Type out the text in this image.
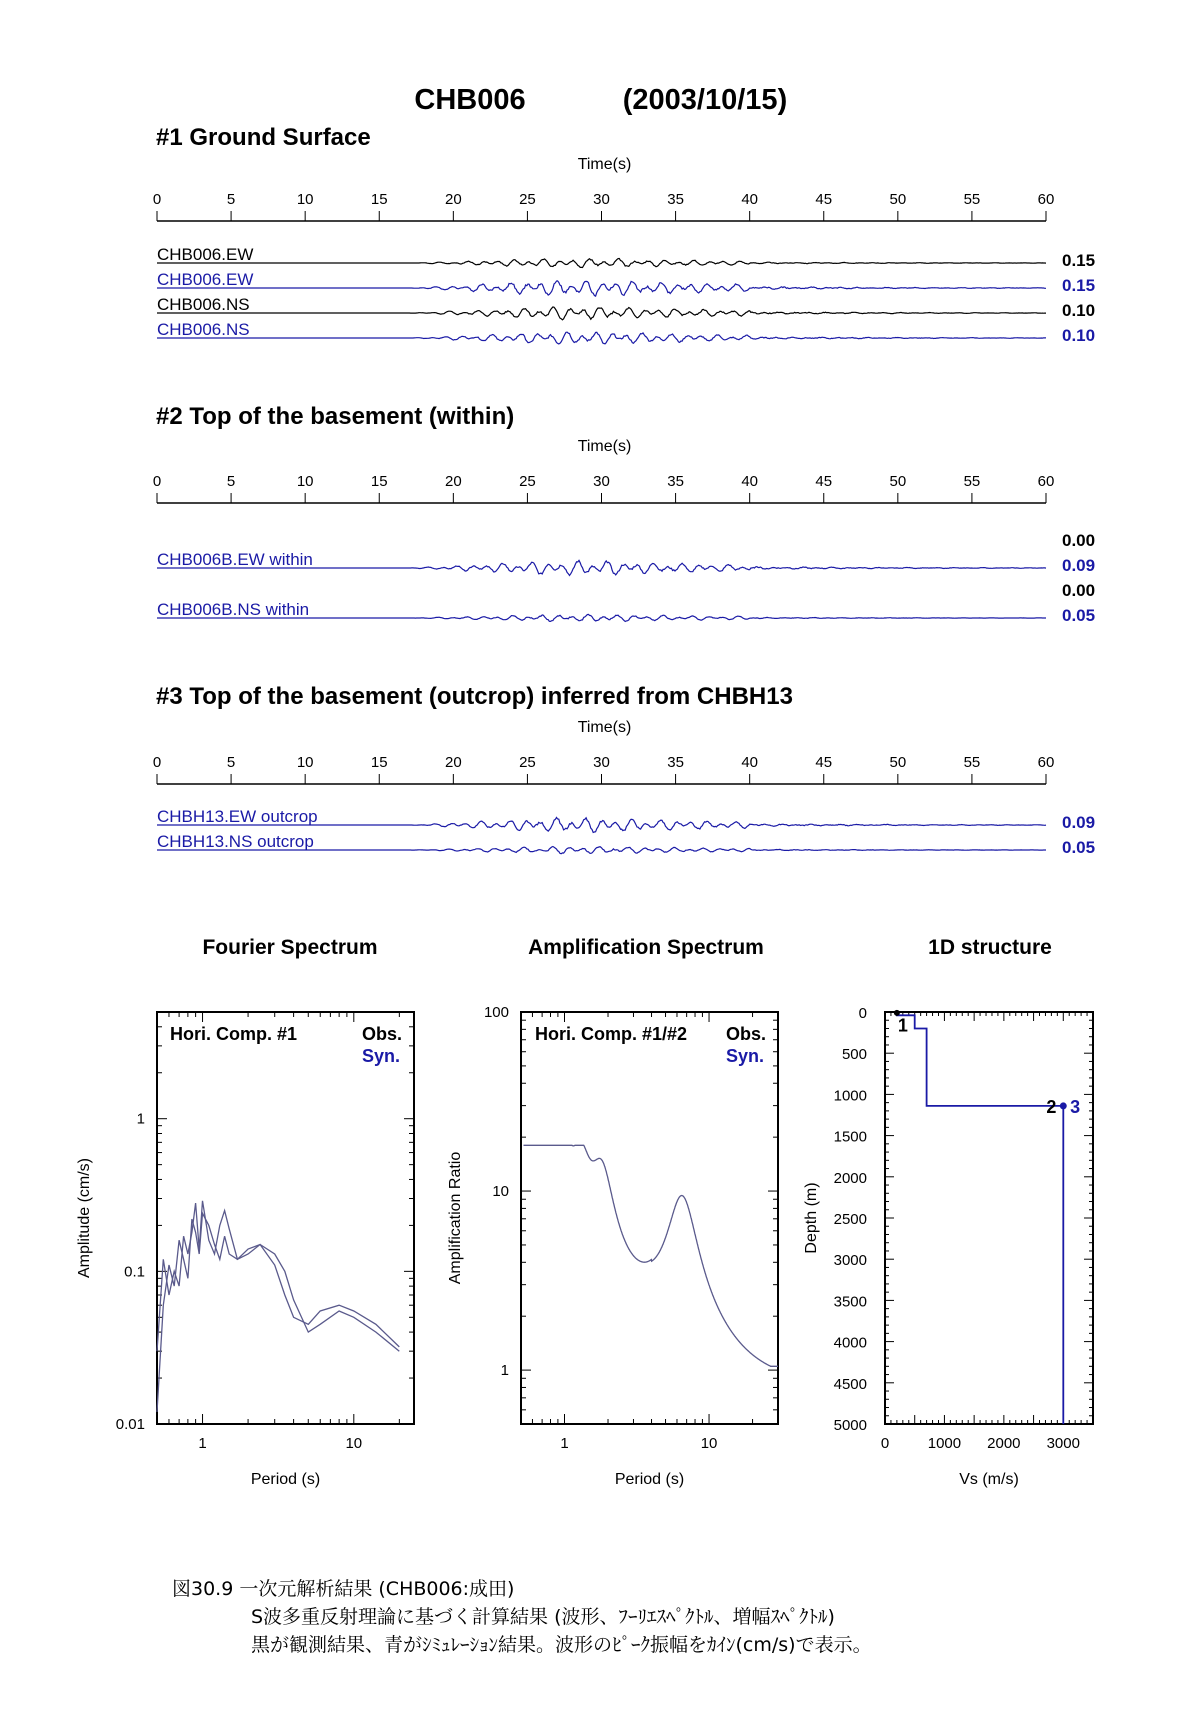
CHB006	(2003/10/15)
#1 Ground Surface
#2 Top of the basement (within)
#3 Top of the basement (outcrop) inferred from CHBH13
Time(s)
0	5	10	15	20	25	30	35	40	45	50	55	60
CHB006.EW	0.15
CHB006.EW	0.15
CHB006.NS	0.10
CHB006.NS	0.10
Time(s)
0	5	10	15	20	25	30	35	40	45	50	55	60
0.00
CHB006B.EW within	0.09
0.00
CHB006B.NS within	0.05
Time(s)
0	5	10	15	20	25	30	35	40	45	50	55	60
CHBH13.EW outcrop	0.09
CHBH13.NS outcrop	0.05
Fourier Spectrum	Amplification Spectrum	1D structure
1	10
1
0.1
0.01
Hori. Comp. #1	Obs.
Syn.
Period (s)
Amplitude (cm/s)
1	10
100
10
1
Hori. Comp. #1/#2 Obs.
Syn.
Period (s)
Amplification Ratio
0
500
1000
1500
2000
2500
3000
3500
4000
4500
5000
0	1000 2000 3000
1
2 3
Vs (m/s)
Depth (m)
図30.9 一次元解析結果 (CHB006:成田)
S波多重反射理論に基づく計算結果 (波形、ﾌｰﾘｴｽﾍﾟｸﾄﾙ、増幅ｽﾍﾟｸﾄﾙ)
黒が観測結果、青がｼﾐｭﾚｰｼｮﾝ結果。波形のﾋﾟｰｸ振幅をｶｲﾝ(cm/s)で表示。
